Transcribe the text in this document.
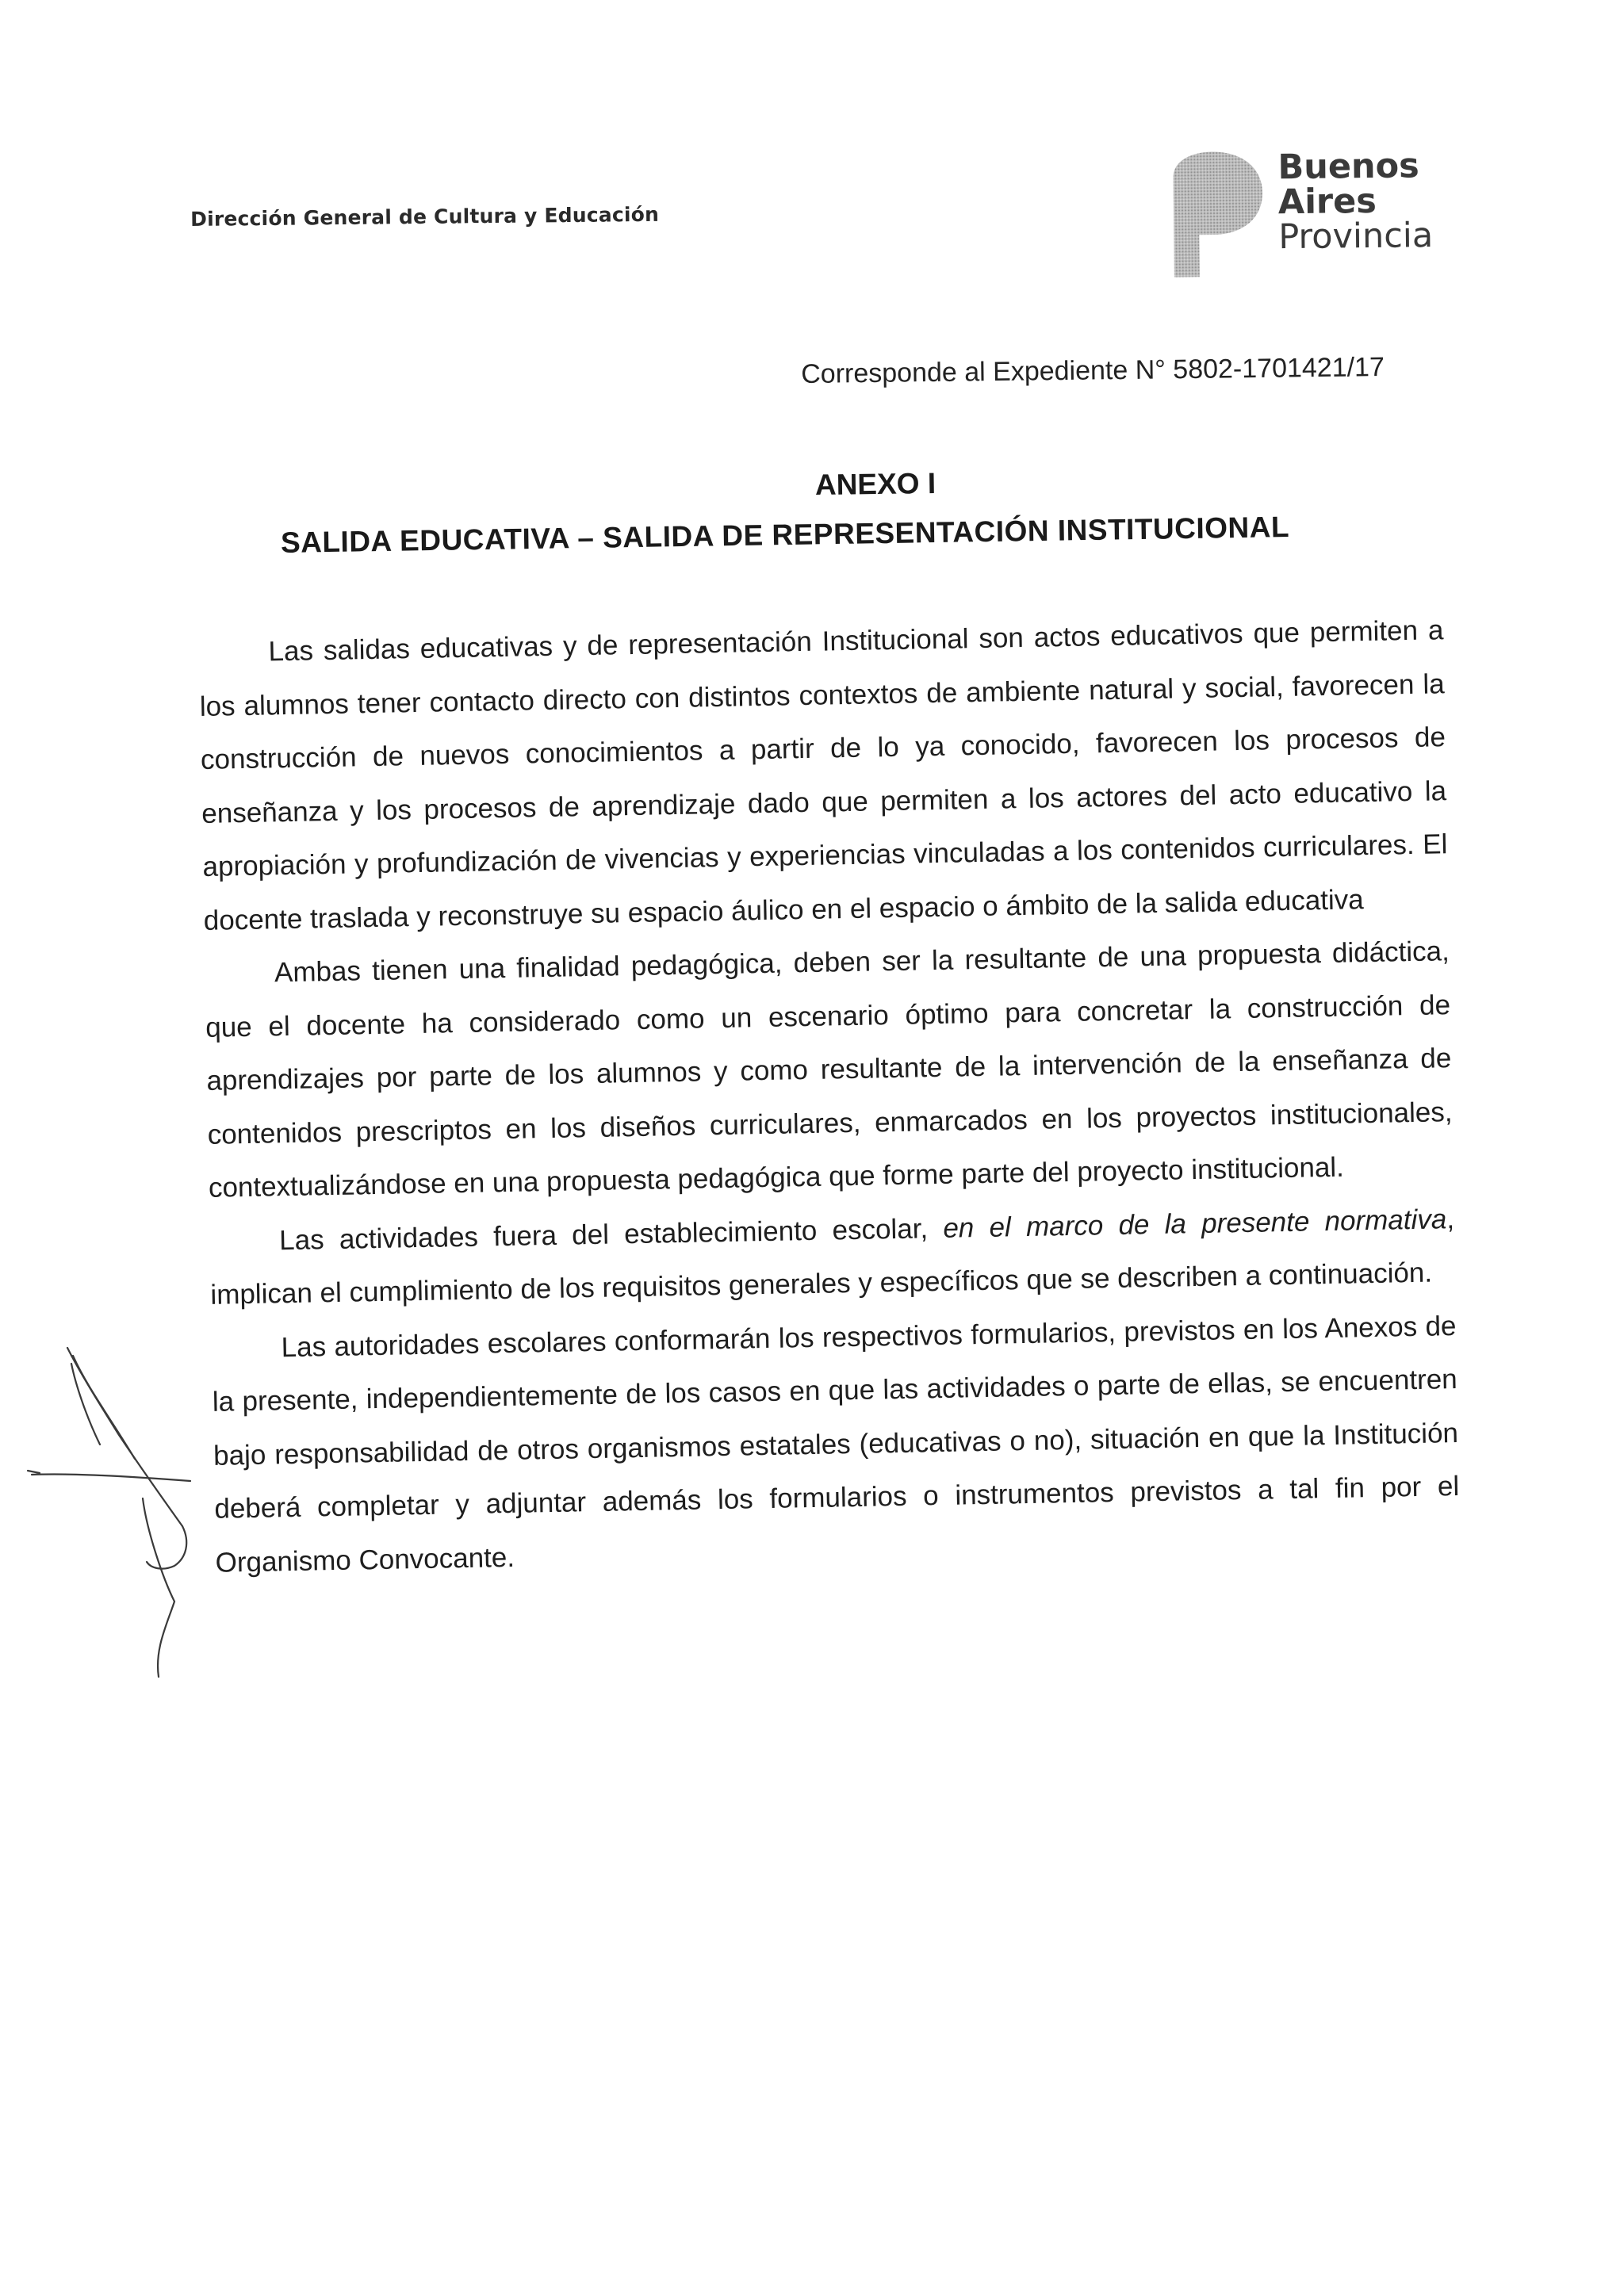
Dirección General de Cultura y Educación
Buenos
Aires
Provincia
Corresponde al Expediente N° 5802-1701421/17
ANEXO I
SALIDA EDUCATIVA – SALIDA DE REPRESENTACIÓN INSTITUCIONAL

Las salidas educativas y de representación Institucional son actos educativos que permiten a los alumnos tener contacto directo con distintos contextos de ambiente natural y social, favorecen la construcción de nuevos conocimientos a partir de lo ya conocido, favorecen los procesos de enseñanza y los procesos de aprendizaje dado que permiten a los actores del acto educativo la apropiación y profundización de vivencias y experiencias vinculadas a los contenidos curriculares. El docente traslada y reconstruye su espacio áulico en el espacio o ámbito de la salida educativa

Ambas tienen una finalidad pedagógica, deben ser la resultante de una propuesta didáctica, que el docente ha considerado como un escenario óptimo para concretar la construcción de aprendizajes por parte de los alumnos y como resultante de la intervención de la enseñanza de contenidos prescriptos en los diseños curriculares, enmarcados en los proyectos institucionales, contextualizándose en una propuesta pedagógica que forme parte del proyecto institucional.

Las actividades fuera del establecimiento escolar, en el marco de la presente normativa, implican el cumplimiento de los requisitos generales y específicos que se describen a continuación.

Las autoridades escolares conformarán los respectivos formularios, previstos en los Anexos de la presente, independientemente de los casos en que las actividades o parte de ellas, se encuentren bajo responsabilidad de otros organismos estatales (educativas o no), situación en que la Institución deberá completar y adjuntar además los formularios o instrumentos previstos a tal fin por el Organismo Convocante.
